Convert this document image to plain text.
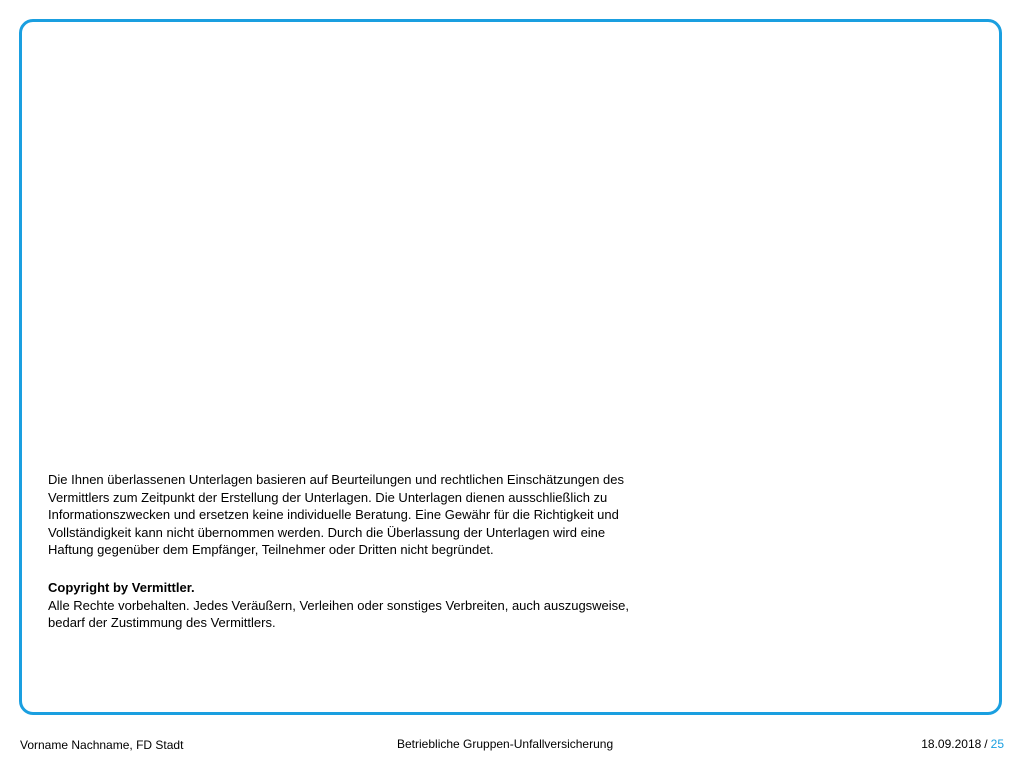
Die Ihnen überlassenen Unterlagen basieren auf Beurteilungen und rechtlichen Einschätzungen des

Vermittlers zum Zeitpunkt der Erstellung der Unterlagen. Die Unterlagen dienen ausschließlich zu

Informationszwecken und ersetzen keine individuelle Beratung. Eine Gewähr für die Richtigkeit und

Vollständigkeit kann nicht übernommen werden. Durch die Überlassung der Unterlagen wird eine

Haftung gegenüber dem Empfänger, Teilnehmer oder Dritten nicht begründet.

Copyright by Vermittler.

Alle Rechte vorbehalten. Jedes Veräußern, Verleihen oder sonstiges Verbreiten, auch auszugsweise,

bedarf der Zustimmung des Vermittlers.

Vorname Nachname, FD Stadt	Betriebliche Gruppen-Unfallversicherung	18.09.2018 / 25
